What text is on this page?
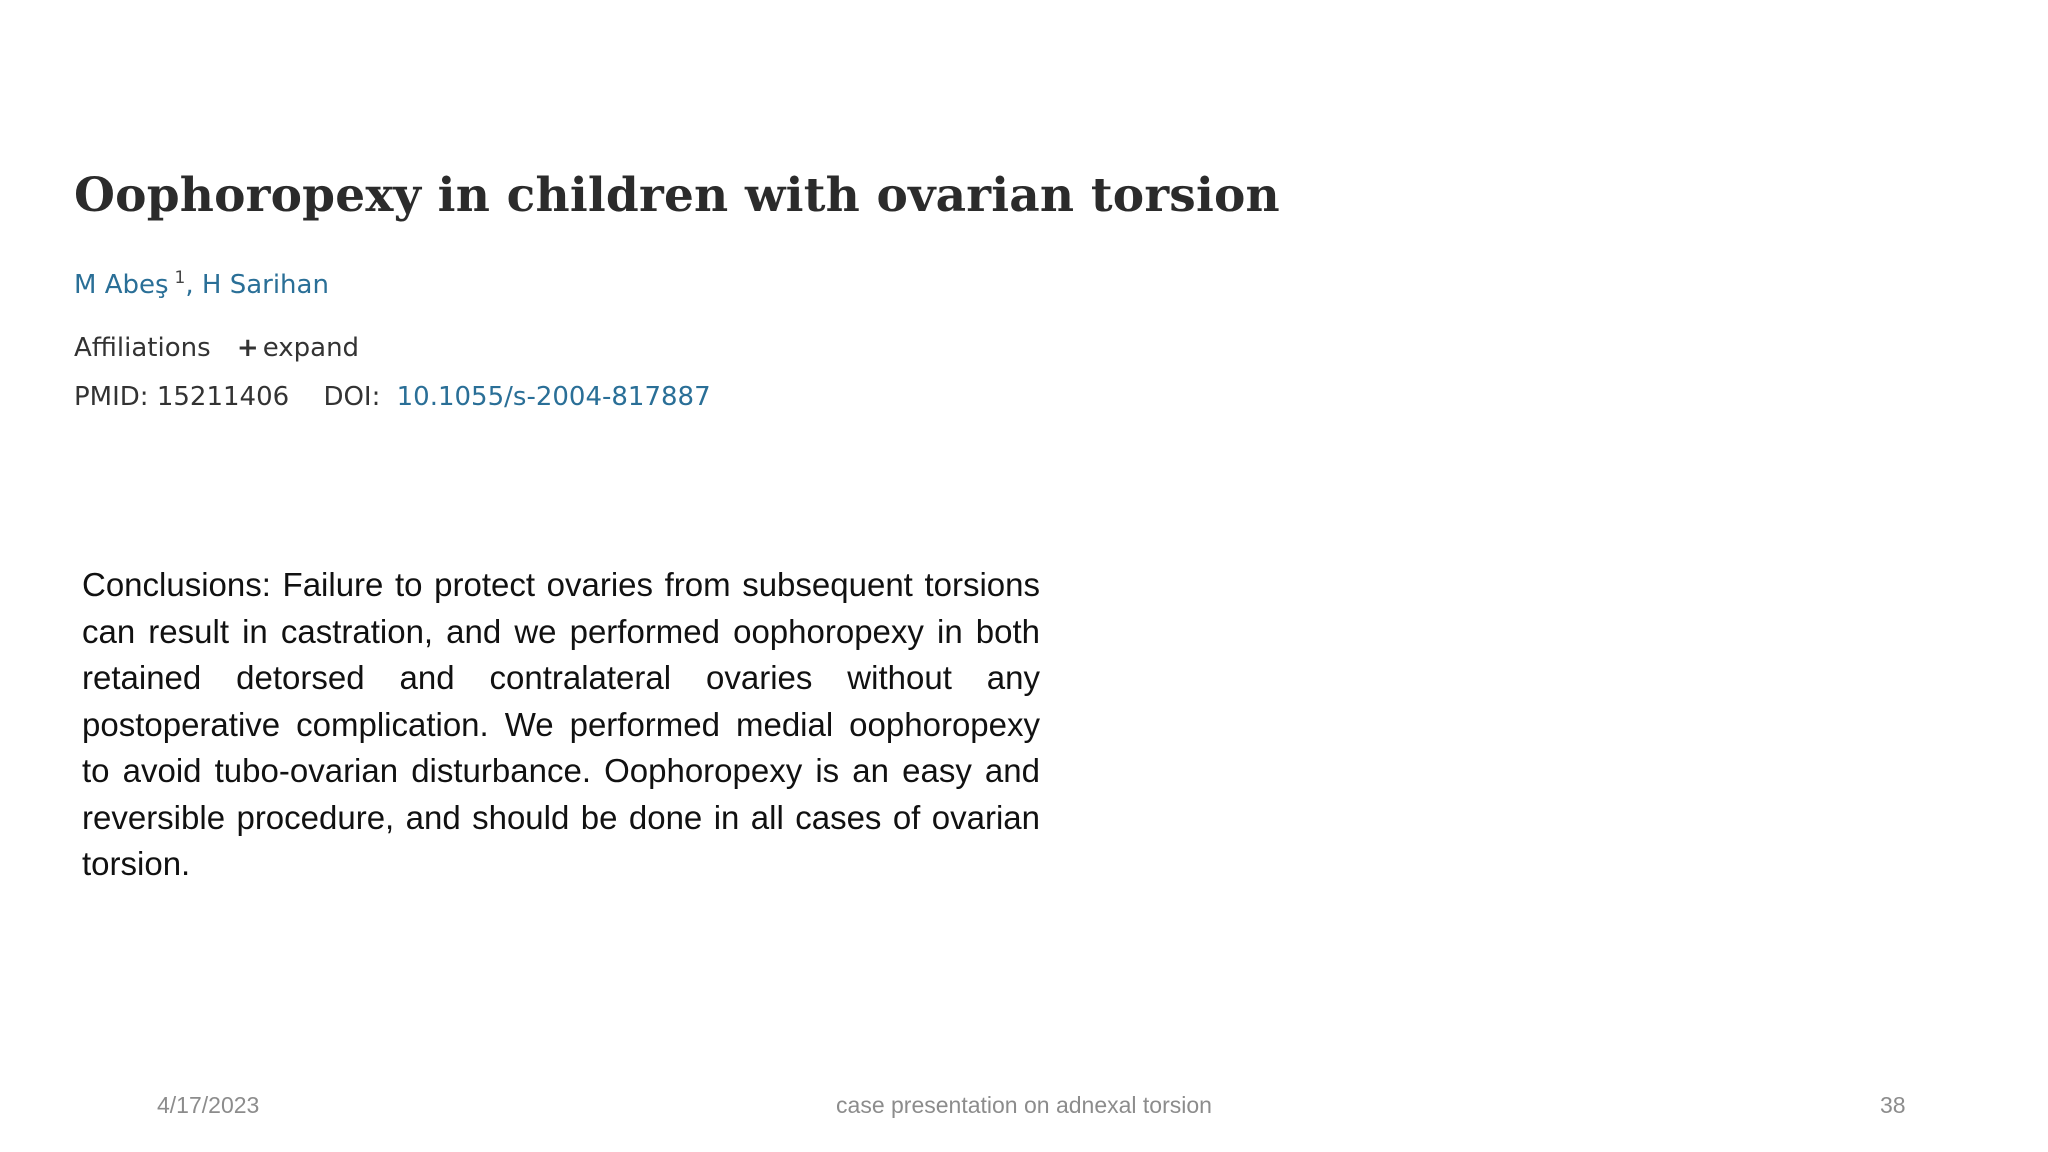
Oophoropexy in children with ovarian torsion
M Abeş $^1$, H Sarihan
Affiliations + expand
PMID: 15211406 DOI: 10.1055/s-2004-817887
Conclusions: Failure to protect ovaries from subsequent torsions can result in castration, and we performed oophoropexy in both retained detorsed and contralateral ovaries without any postoperative complication. We performed medial oophoropexy to avoid tubo-ovarian disturbance. Oophoropexy is an easy and reversible procedure, and should be done in all cases of ovarian torsion.
4/17/2023	case presentation on adnexal torsion	38
